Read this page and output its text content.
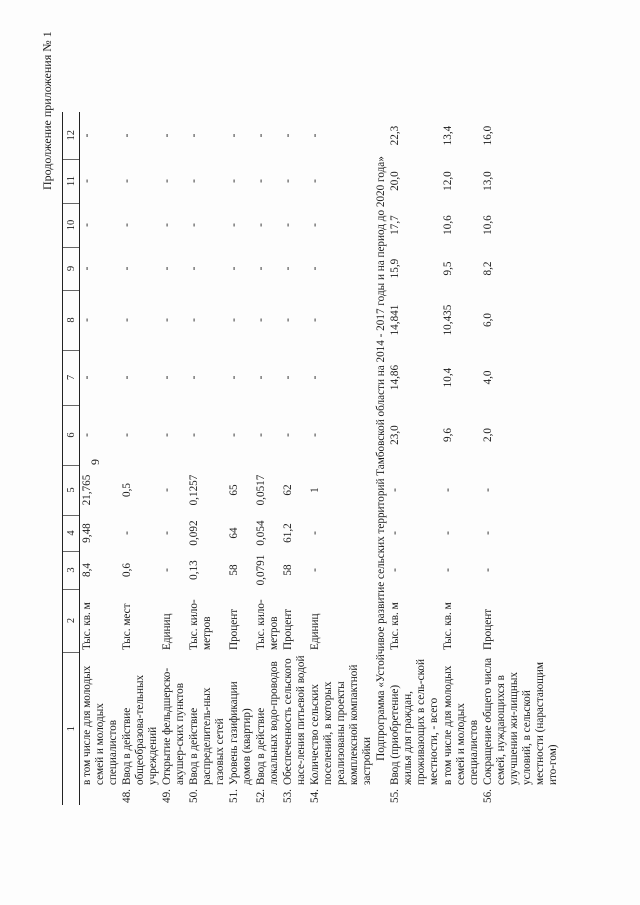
9
Продолжение приложения № 1
1		2	3	4	5	6	7	8	9	10	11	12
	в том числе для молодых семей и молодых специалистов	Тыс. кв. м	8,4	9,48	21,765	-	-	-	-	-	-	-
48.	Ввод в действие общеобразова-тельных учреждений	Тыс. мест	0,6	-	0,5	-	-	-	-	-	-	-
49.	Открытие фельдшерско-акушер-ских пунктов	Единиц	-	-	-	-	-	-	-	-	-	-
50.	Ввод в действие распределитель-ных газовых сетей	Тыс. кило-метров	0,13	0,092	0,1257	-	-	-	-	-	-	-
51.	Уровень газификации домов (квартир)	Процент	58	64	65	-	-	-	-	-	-	-
52.	Ввод в действие локальных водо-проводов	Тыс. кило-метров	0,0791	0,054	0,0517	-	-	-	-	-	-	-
53.	Обеспеченность сельского насе-ления питьевой водой	Процент	58	61,2	62	-	-	-	-	-	-	-
54.	Количество сельских поселений, в которых реализованы проекты комплексной компактной застройки	Единиц	-	-	1	-	-	-	-	-	-	-
Подпрограмма «Устойчивое развитие сельских территорий Тамбовской области на 2014 - 2017 годы и на период до 2020 года»												
55.	Ввод (приобретение) жилья для граждан, проживающих в сель-ской местности, - всего	Тыс. кв. м	-	-	-	23,0	14,86	14,841	15,9	17,7	20,0	22,3
	в том числе для молодых семей и молодых специалистов	Тыс. кв. м	-	-	-	9,6	10,4	10,435	9,5	10,6	12,0	13,4
56.	Сокращение общего числа семей, нуждающихся в улучшении жи-лищных условий, в сельской местности (нарастающим ито-гом)	Процент	-	-	-	2,0	4,0	6,0	8,2	10,6	13,0	16,0
